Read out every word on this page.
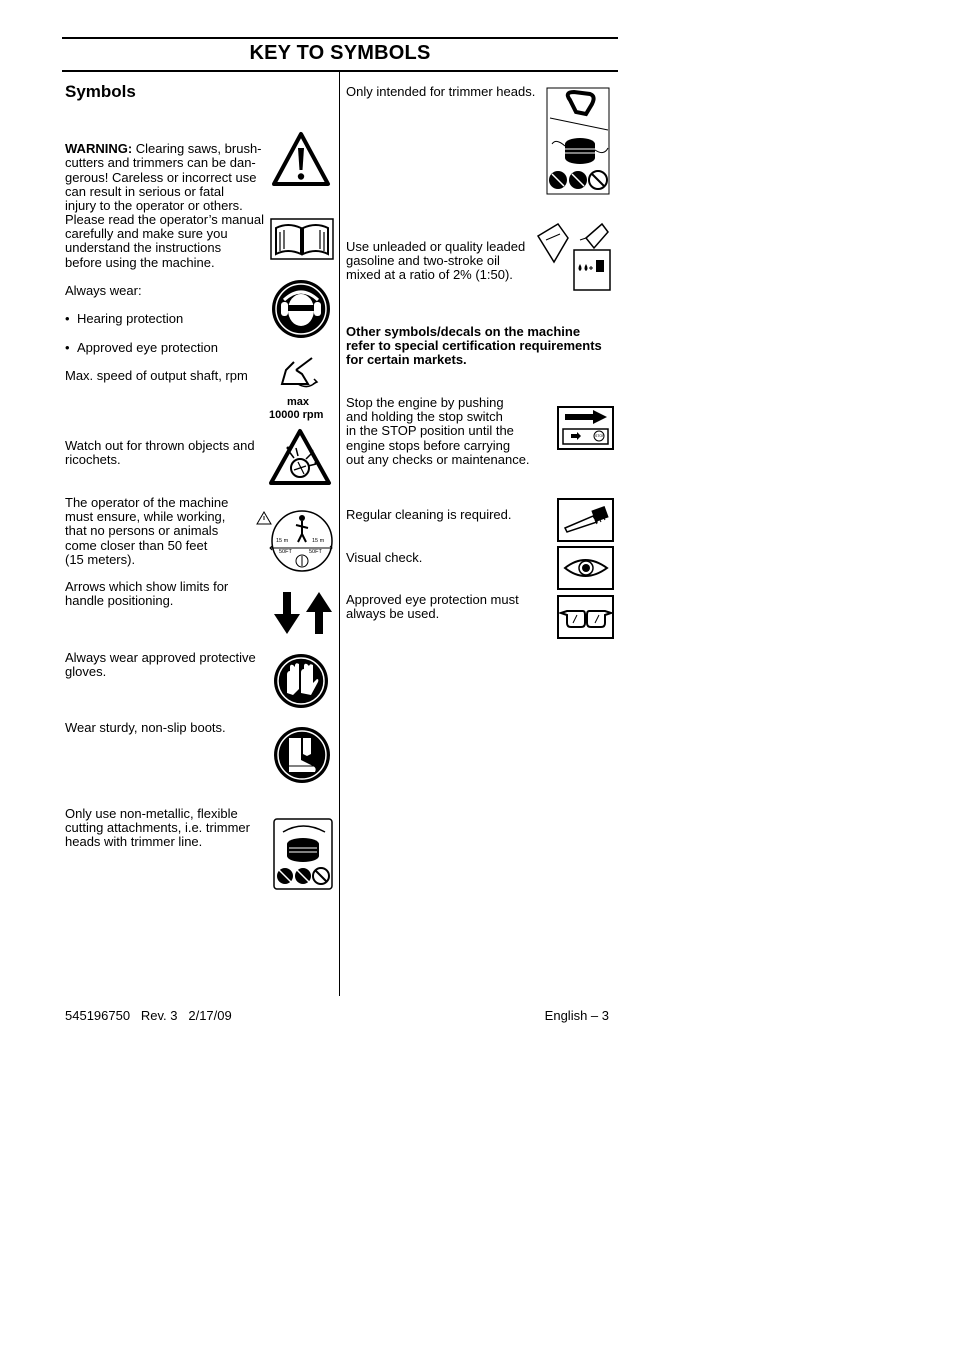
KEY TO SYMBOLS
Symbols

WARNING: Clearing saws, brush-
cutters and trimmers can be dan-
gerous! Careless or incorrect use
can result in serious or fatal
injury to the operator or others.

Please read the operator’s manual
carefully and make sure you
understand the instructions
before using the machine.
Always wear:

• Hearing protection

• Approved eye protection

Max. speed of output shaft, rpm
max
10000 rpm
Watch out for thrown objects and
ricochets.
The operator of the machine
must ensure, while working,
that no persons or animals
come closer than 50 feet
(15 meters).
15 m	15 m
50FT	50FT
Arrows which show limits for
handle positioning.
Always wear approved protective
gloves.
Wear sturdy, non-slip boots.
Only use non-metallic, flexible
cutting attachments, i.e. trimmer
heads with trimmer line.
Only intended for trimmer heads.
Use unleaded or quality leaded
gasoline and two-stroke oil
mixed at a ratio of 2% (1:50).
Other symbols/decals on the machine
refer to special certification requirements
for certain markets.
Stop the engine by pushing
and holding the stop switch
in the STOP position until the
engine stops before carrying
out any checks or maintenance.
STOP
Regular cleaning is required.
Visual check.
Approved eye protection must
always be used.
545196750   Rev. 3   2/17/09	English – 3
